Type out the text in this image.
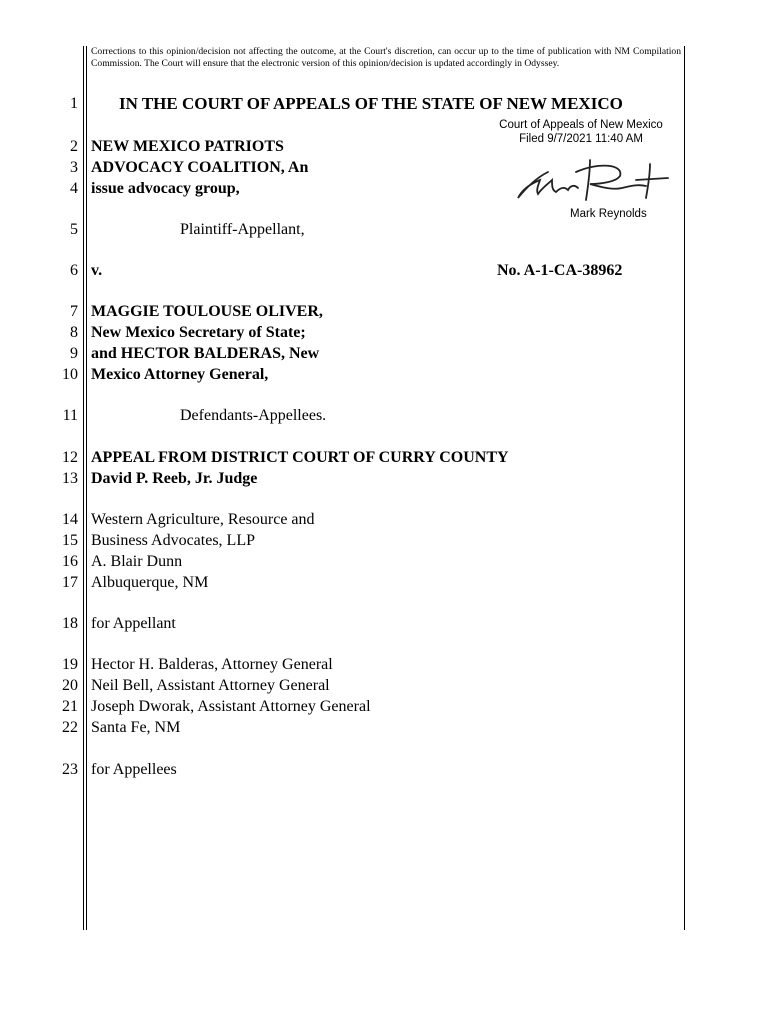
Corrections to this opinion/decision not affecting the outcome, at the Court's discretion, can occur up to the time of publication with NM Compilation Commission. The Court will ensure that the electronic version of this opinion/decision is updated accordingly in Odyssey.
Court of Appeals of New Mexico
Filed 9/7/2021 11:40 AM
Mark Reynolds
1 IN THE COURT OF APPEALS OF THE STATE OF NEW MEXICO
2 NEW MEXICO PATRIOTS
3 ADVOCACY COALITION, An
4 issue advocacy group,
5	Plaintiff-Appellant,
6 v.	No. A-1-CA-38962
7 MAGGIE TOULOUSE OLIVER,
8 New Mexico Secretary of State;
9 and HECTOR BALDERAS, New
10 Mexico Attorney General,
11	Defendants-Appellees.
12 APPEAL FROM DISTRICT COURT OF CURRY COUNTY
13 David P. Reeb, Jr. Judge
14 Western Agriculture, Resource and
15 Business Advocates, LLP
16 A. Blair Dunn
17 Albuquerque, NM
18 for Appellant
19 Hector H. Balderas, Attorney General
20 Neil Bell, Assistant Attorney General
21 Joseph Dworak, Assistant Attorney General
22 Santa Fe, NM
23 for Appellees
